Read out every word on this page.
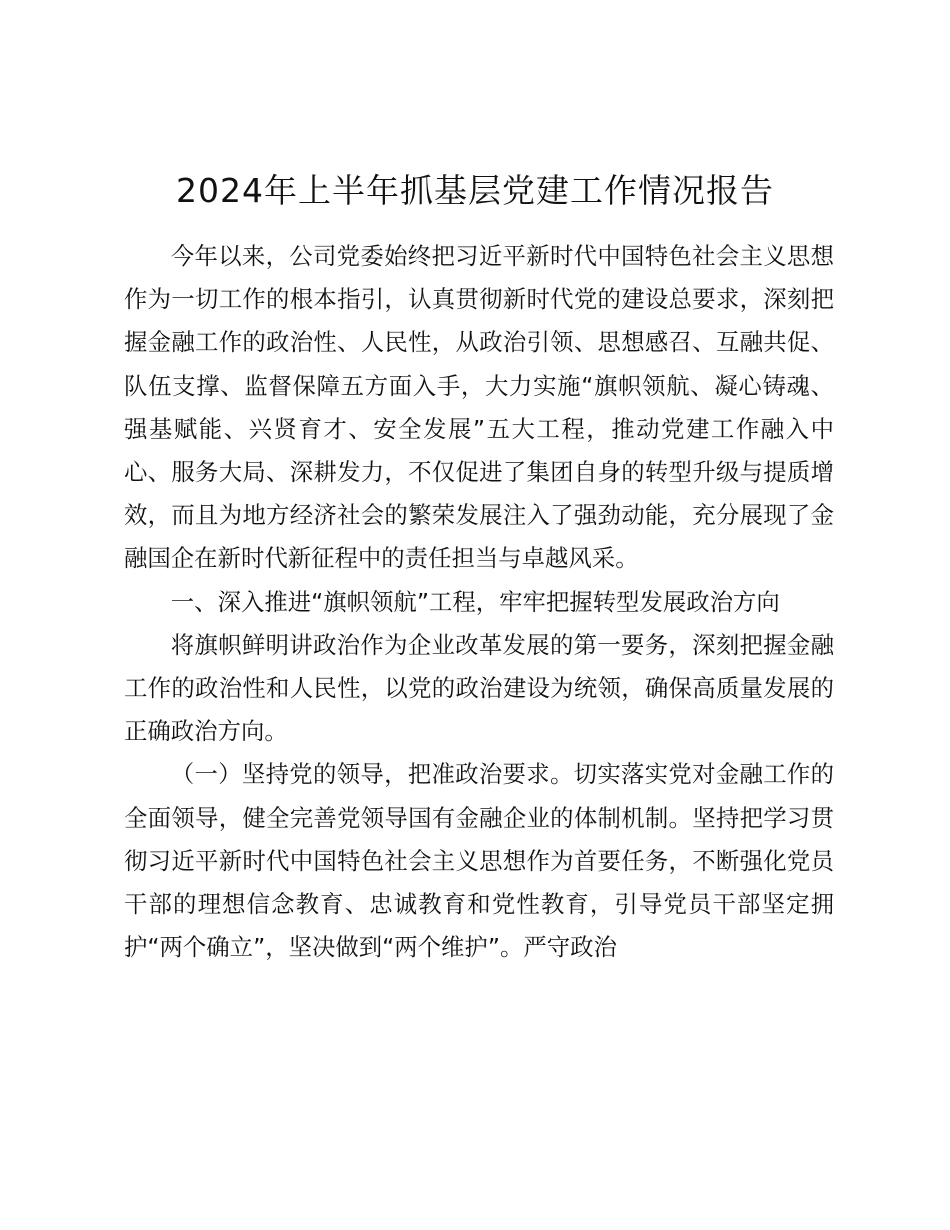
2024年上半年抓基层党建工作情况报告

今年以来，公司党委始终把习近平新时代中国特色社会主义思想作为一切工作的根本指引，认真贯彻新时代党的建设总要求，深刻把握金融工作的政治性、人民性，从政治引领、思想感召、互融共促、队伍支撑、监督保障五方面入手，大力实施“旗帜领航、凝心铸魂、强基赋能、兴贤育才、安全发展”五大工程，推动党建工作融入中心、服务大局、深耕发力，不仅促进了集团自身的转型升级与提质增效，而且为地方经济社会的繁荣发展注入了强劲动能，充分展现了金融国企在新时代新征程中的责任担当与卓越风采。

一、深入推进“旗帜领航”工程，牢牢把握转型发展政治方向

将旗帜鲜明讲政治作为企业改革发展的第一要务，深刻把握金融工作的政治性和人民性，以党的政治建设为统领，确保高质量发展的正确政治方向。

（一）坚持党的领导，把准政治要求。切实落实党对金融工作的全面领导，健全完善党领导国有金融企业的体制机制。坚持把学习贯彻习近平新时代中国特色社会主义思想作为首要任务，不断强化党员干部的理想信念教育、忠诚教育和党性教育，引导党员干部坚定拥护“两个确立”，坚决做到“两个维护”。严守政治
